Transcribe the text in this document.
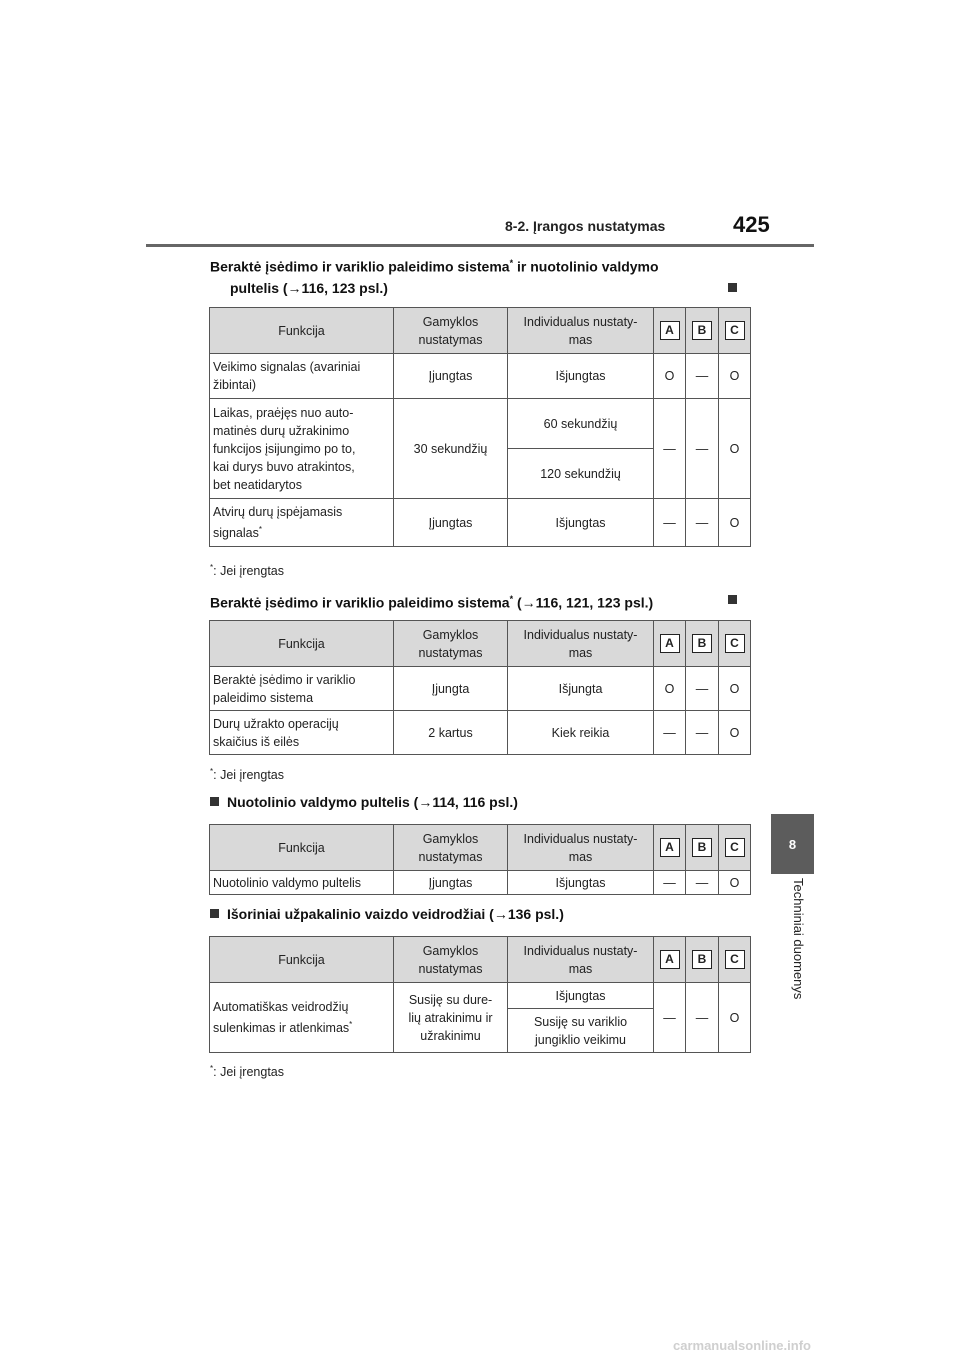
8-2. Įrangos nustatymas	425
8
Techniniai duomenys
Beraktė įsėdimo ir variklio paleidimo sistema* ir nuotolinio valdymo
pultelis (→116, 123 psl.)
Funkcija	Gamyklos
nustatymas	Individualus nustaty-
mas	A	B	C
Veikimo signalas (avariniai
žibintai)	Įjungtas	Išjungtas	O	—	O
Laikas, praėjęs nuo auto-
matinės durų užrakinimo
funkcijos įsijungimo po to,
kai durys buvo atrakintos,
bet neatidarytos	30 sekundžių	60 sekundžių	—	—	O
		120 sekundžių			
Atvirų durų įspėjamasis
signalas*	Įjungtas	Išjungtas	—	—	O
*: Jei įrengtas
Beraktė įsėdimo ir variklio paleidimo sistema* (→116, 121, 123 psl.)
Funkcija	Gamyklos
nustatymas	Individualus nustaty-
mas	A	B	C
Beraktė įsėdimo ir variklio
paleidimo sistema	Įjungta	Išjungta	O	—	O
Durų užrakto operacijų
skaičius iš eilės	2 kartus	Kiek reikia	—	—	O
*: Jei įrengtas
Nuotolinio valdymo pultelis (→114, 116 psl.)
Funkcija	Gamyklos
nustatymas	Individualus nustaty-
mas	A	B	C
Nuotolinio valdymo pultelis	Įjungtas	Išjungtas	—	—	O
Išoriniai užpakalinio vaizdo veidrodžiai (→136 psl.)
Funkcija	Gamyklos
nustatymas	Individualus nustaty-
mas	A	B	C
Automatiškas veidrodžių
sulenkimas ir atlenkimas*	Susiję su dure-
lių atrakinimu ir
užrakinimu	Išjungtas	—	—	O
		Susiję su variklio
jungiklio veikimu			
*: Jei įrengtas
carmanualsonline.info
